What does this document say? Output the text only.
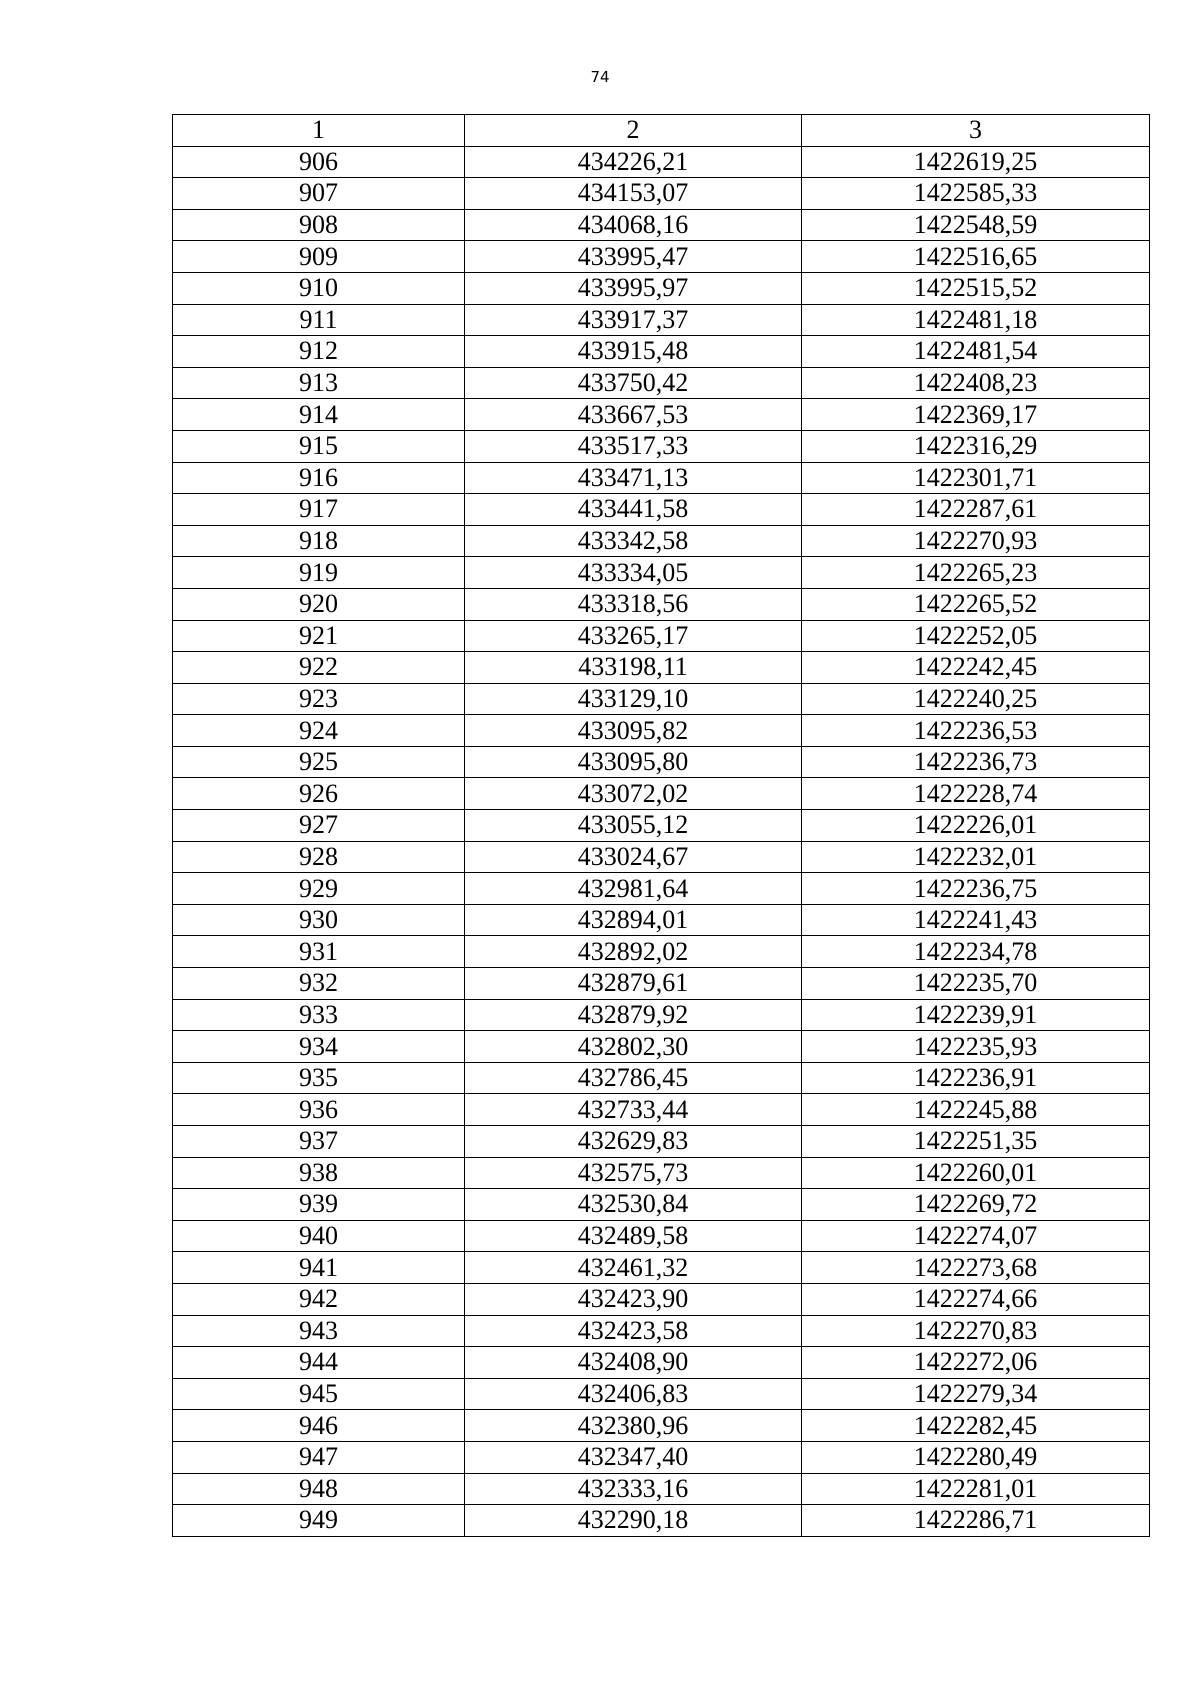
74
1	2	3
906	434226,21	1422619,25
907	434153,07	1422585,33
908	434068,16	1422548,59
909	433995,47	1422516,65
910	433995,97	1422515,52
911	433917,37	1422481,18
912	433915,48	1422481,54
913	433750,42	1422408,23
914	433667,53	1422369,17
915	433517,33	1422316,29
916	433471,13	1422301,71
917	433441,58	1422287,61
918	433342,58	1422270,93
919	433334,05	1422265,23
920	433318,56	1422265,52
921	433265,17	1422252,05
922	433198,11	1422242,45
923	433129,10	1422240,25
924	433095,82	1422236,53
925	433095,80	1422236,73
926	433072,02	1422228,74
927	433055,12	1422226,01
928	433024,67	1422232,01
929	432981,64	1422236,75
930	432894,01	1422241,43
931	432892,02	1422234,78
932	432879,61	1422235,70
933	432879,92	1422239,91
934	432802,30	1422235,93
935	432786,45	1422236,91
936	432733,44	1422245,88
937	432629,83	1422251,35
938	432575,73	1422260,01
939	432530,84	1422269,72
940	432489,58	1422274,07
941	432461,32	1422273,68
942	432423,90	1422274,66
943	432423,58	1422270,83
944	432408,90	1422272,06
945	432406,83	1422279,34
946	432380,96	1422282,45
947	432347,40	1422280,49
948	432333,16	1422281,01
949	432290,18	1422286,71
